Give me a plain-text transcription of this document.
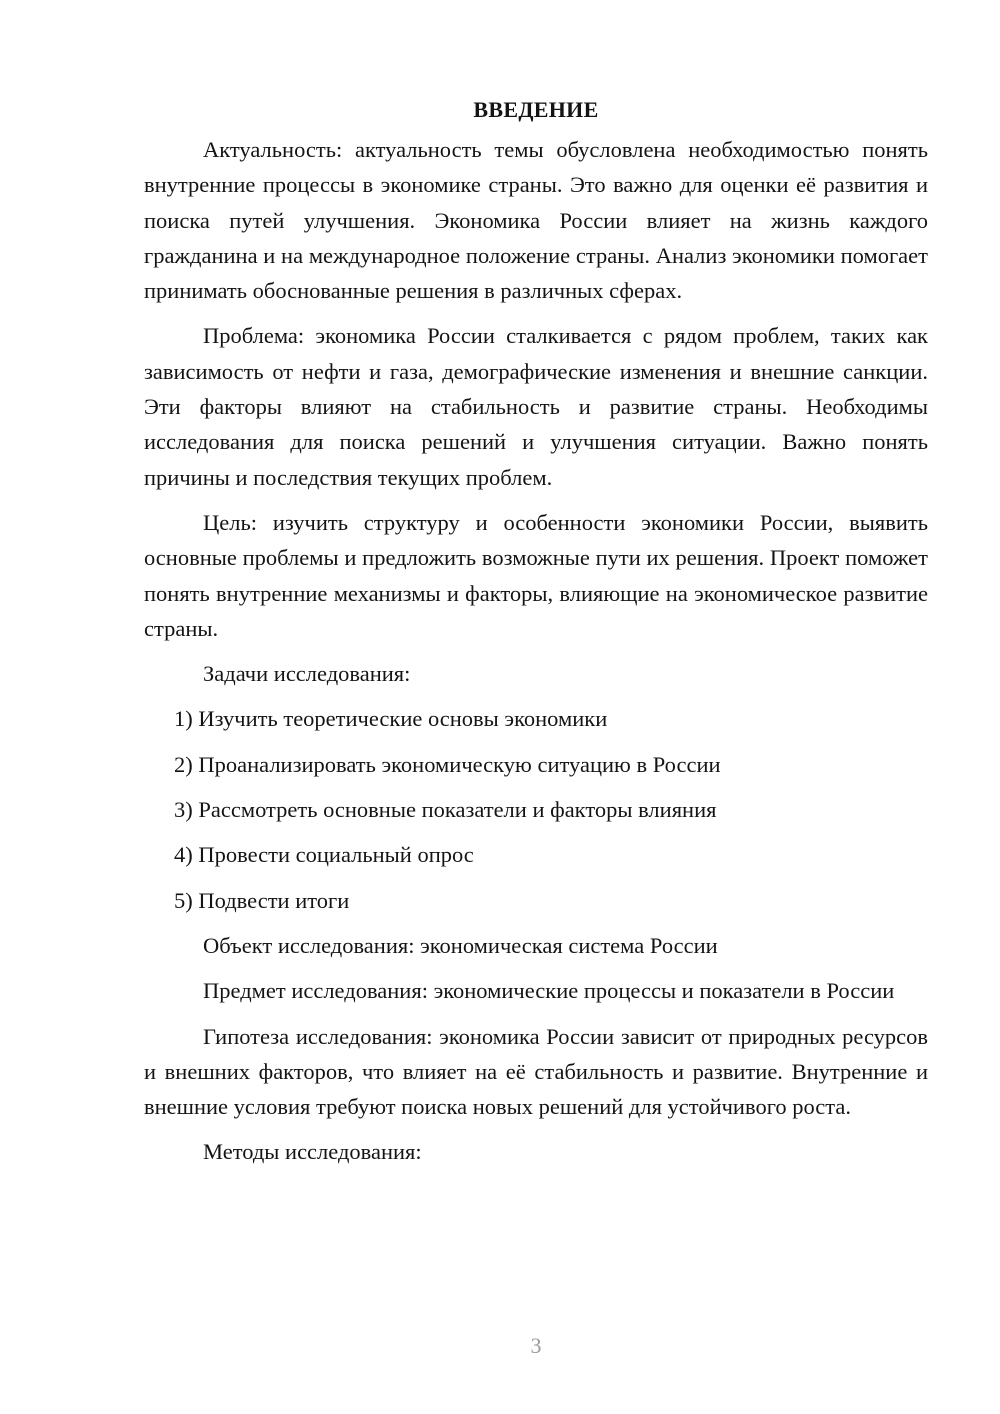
ВВЕДЕНИЕ

Актуальность: актуальность темы обусловлена необходимостью понять внутренние процессы в экономике страны. Это важно для оценки её развития и поиска путей улучшения. Экономика России влияет на жизнь каждого гражданина и на международное положение страны. Анализ экономики помогает принимать обоснованные решения в различных сферах.

Проблема: экономика России сталкивается с рядом проблем, таких как зависимость от нефти и газа, демографические изменения и внешние санкции. Эти факторы влияют на стабильность и развитие страны. Необходимы исследования для поиска решений и улучшения ситуации. Важно понять причины и последствия текущих проблем.

Цель: изучить структуру и особенности экономики России, выявить основные проблемы и предложить возможные пути их решения. Проект поможет понять внутренние механизмы и факторы, влияющие на экономическое развитие страны.

Задачи исследования:

1) Изучить теоретические основы экономики
2) Проанализировать экономическую ситуацию в России
3) Рассмотреть основные показатели и факторы влияния
4) Провести социальный опрос
5) Подвести итоги

Объект исследования: экономическая система России

Предмет исследования: экономические процессы и показатели в России

Гипотеза исследования: экономика России зависит от природных ресурсов и внешних факторов, что влияет на её стабильность и развитие. Внутренние и внешние условия требуют поиска новых решений для устойчивого роста.

Методы исследования:

3
